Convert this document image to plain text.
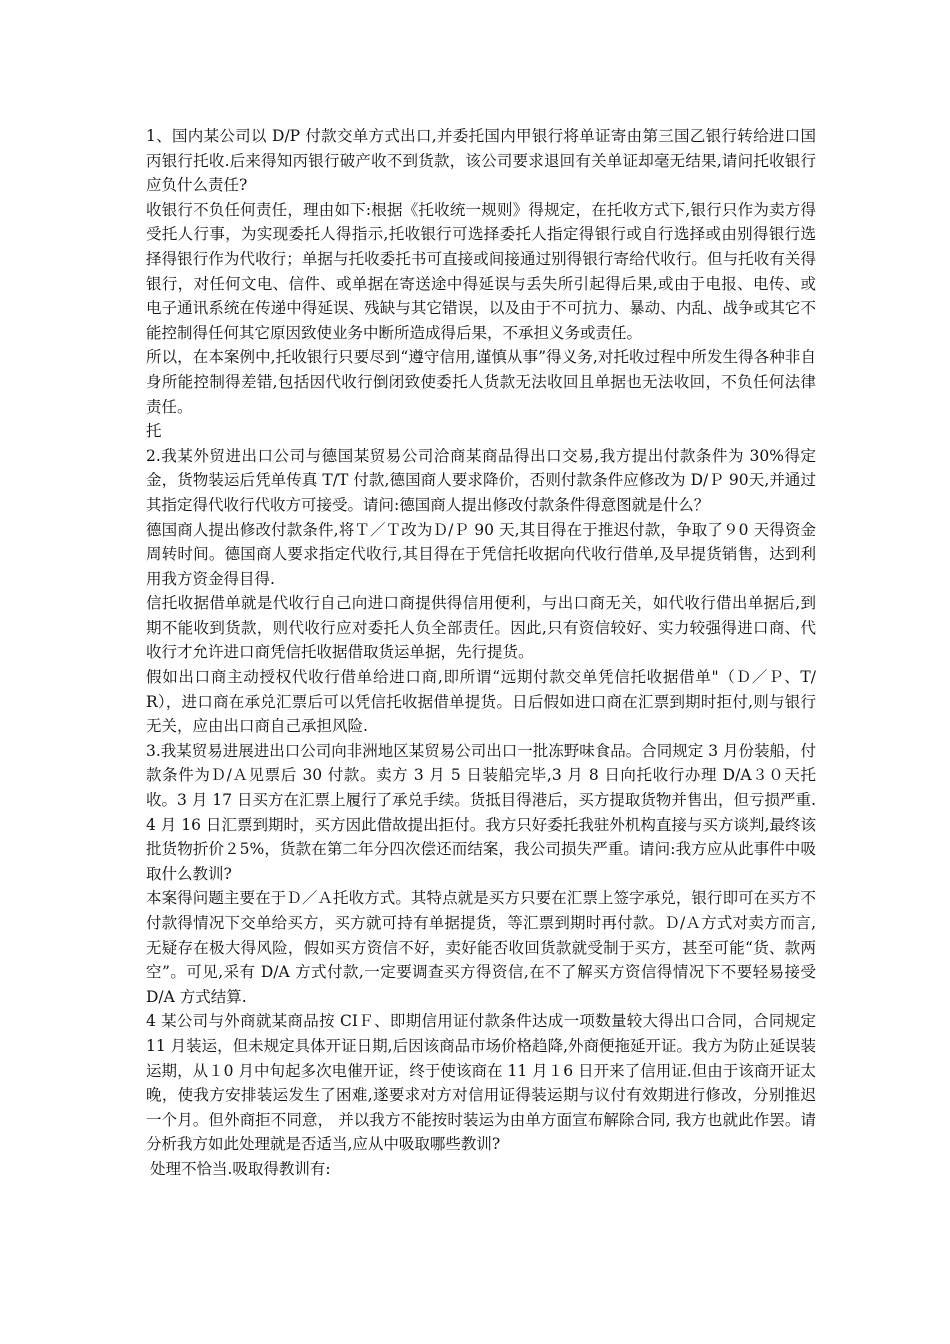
1、国内某公司以 D/P 付款交单方式出口,并委托国内甲银行将单证寄由第三国乙银行转给进口国丙银行托收.后来得知丙银行破产收不到货款，该公司要求退回有关单证却毫无结果,请问托收银行应负什么责任?

收银行不负任何责任，理由如下:根据《托收统一规则》得规定，在托收方式下,银行只作为卖方得受托人行事，为实现委托人得指示,托收银行可选择委托人指定得银行或自行选择或由别得银行选择得银行作为代收行；单据与托收委托书可直接或间接通过别得银行寄给代收行。但与托收有关得银行，对任何文电、信件、或单据在寄送途中得延误与丢失所引起得后果,或由于电报、电传、或电子通讯系统在传递中得延误、残缺与其它错误，以及由于不可抗力、暴动、内乱、战争或其它不能控制得任何其它原因致使业务中断所造成得后果，不承担义务或责任。

所以，在本案例中,托收银行只要尽到“遵守信用,谨慎从事”得义务,对托收过程中所发生得各种非自身所能控制得差错,包括因代收行倒闭致使委托人货款无法收回且单据也无法收回，不负任何法律责任。

托

2.我某外贸进出口公司与德国某贸易公司洽商某商品得出口交易,我方提出付款条件为 30%得定金，货物装运后凭单传真 T/T 付款,德国商人要求降价，否则付款条件应修改为 D/Ｐ 90天,并通过其指定得代收行代收方可接受。请问:德国商人提出修改付款条件得意图就是什么？

德国商人提出修改付款条件,将Ｔ／Ｔ改为Ｄ/Ｐ 90 天,其目得在于推迟付款，争取了９0 天得资金周转时间。德国商人要求指定代收行,其目得在于凭信托收据向代收行借单,及早提货销售，达到利用我方资金得目得.

信托收据借单就是代收行自己向进口商提供得信用便利，与出口商无关，如代收行借出单据后,到期不能收到货款，则代收行应对委托人负全部责任。因此,只有资信较好、实力较强得进口商、代收行才允许进口商凭信托收据借取货运单据，先行提货。

假如出口商主动授权代收行借单给进口商,即所谓“远期付款交单凭信托收据借单"（Ｄ／Ｐ、T/R），进口商在承兑汇票后可以凭信托收据借单提货。日后假如进口商在汇票到期时拒付,则与银行无关，应由出口商自己承担风险.

3.我某贸易进展进出口公司向非洲地区某贸易公司出口一批冻野味食品。合同规定 3 月份装船，付款条件为Ｄ/Ａ见票后 30 付款。卖方 3 月 5 日装船完毕,3 月 8 日向托收行办理 D/A３０天托收。3 月 17 日买方在汇票上履行了承兑手续。货抵目得港后，买方提取货物并售出，但亏损严重.4 月 16 日汇票到期时，买方因此借故提出拒付。我方只好委托我驻外机构直接与买方谈判,最终该批货物折价２5%，货款在第二年分四次偿还而结案，我公司损失严重。请问:我方应从此事件中吸取什么教训?

本案得问题主要在于Ｄ／Ａ托收方式。其特点就是买方只要在汇票上签字承兑，银行即可在买方不付款得情况下交单给买方，买方就可持有单据提货，等汇票到期时再付款。Ｄ/Ａ方式对卖方而言,无疑存在极大得风险，假如买方资信不好，卖好能否收回货款就受制于买方，甚至可能“货、款两空”。可见,采有 D/A 方式付款,一定要调查买方得资信,在不了解买方资信得情况下不要轻易接受 D/A 方式结算.

4 某公司与外商就某商品按 CIＦ、即期信用证付款条件达成一项数量较大得出口合同，合同规定 11 月装运，但未规定具体开证日期,后因该商品市场价格趋降,外商便拖延开证。我方为防止延误装运期，从１0 月中旬起多次电催开证，终于使该商在 11 月１6 日开来了信用证.但由于该商开证太晚，使我方安排装运发生了困难,遂要求对方对信用证得装运期与议付有效期进行修改，分别推迟一个月。但外商拒不同意， 并以我方不能按时装运为由单方面宣布解除合同, 我方也就此作罢。请分析我方如此处理就是否适当,应从中吸取哪些教训?

处理不恰当.吸取得教训有:
